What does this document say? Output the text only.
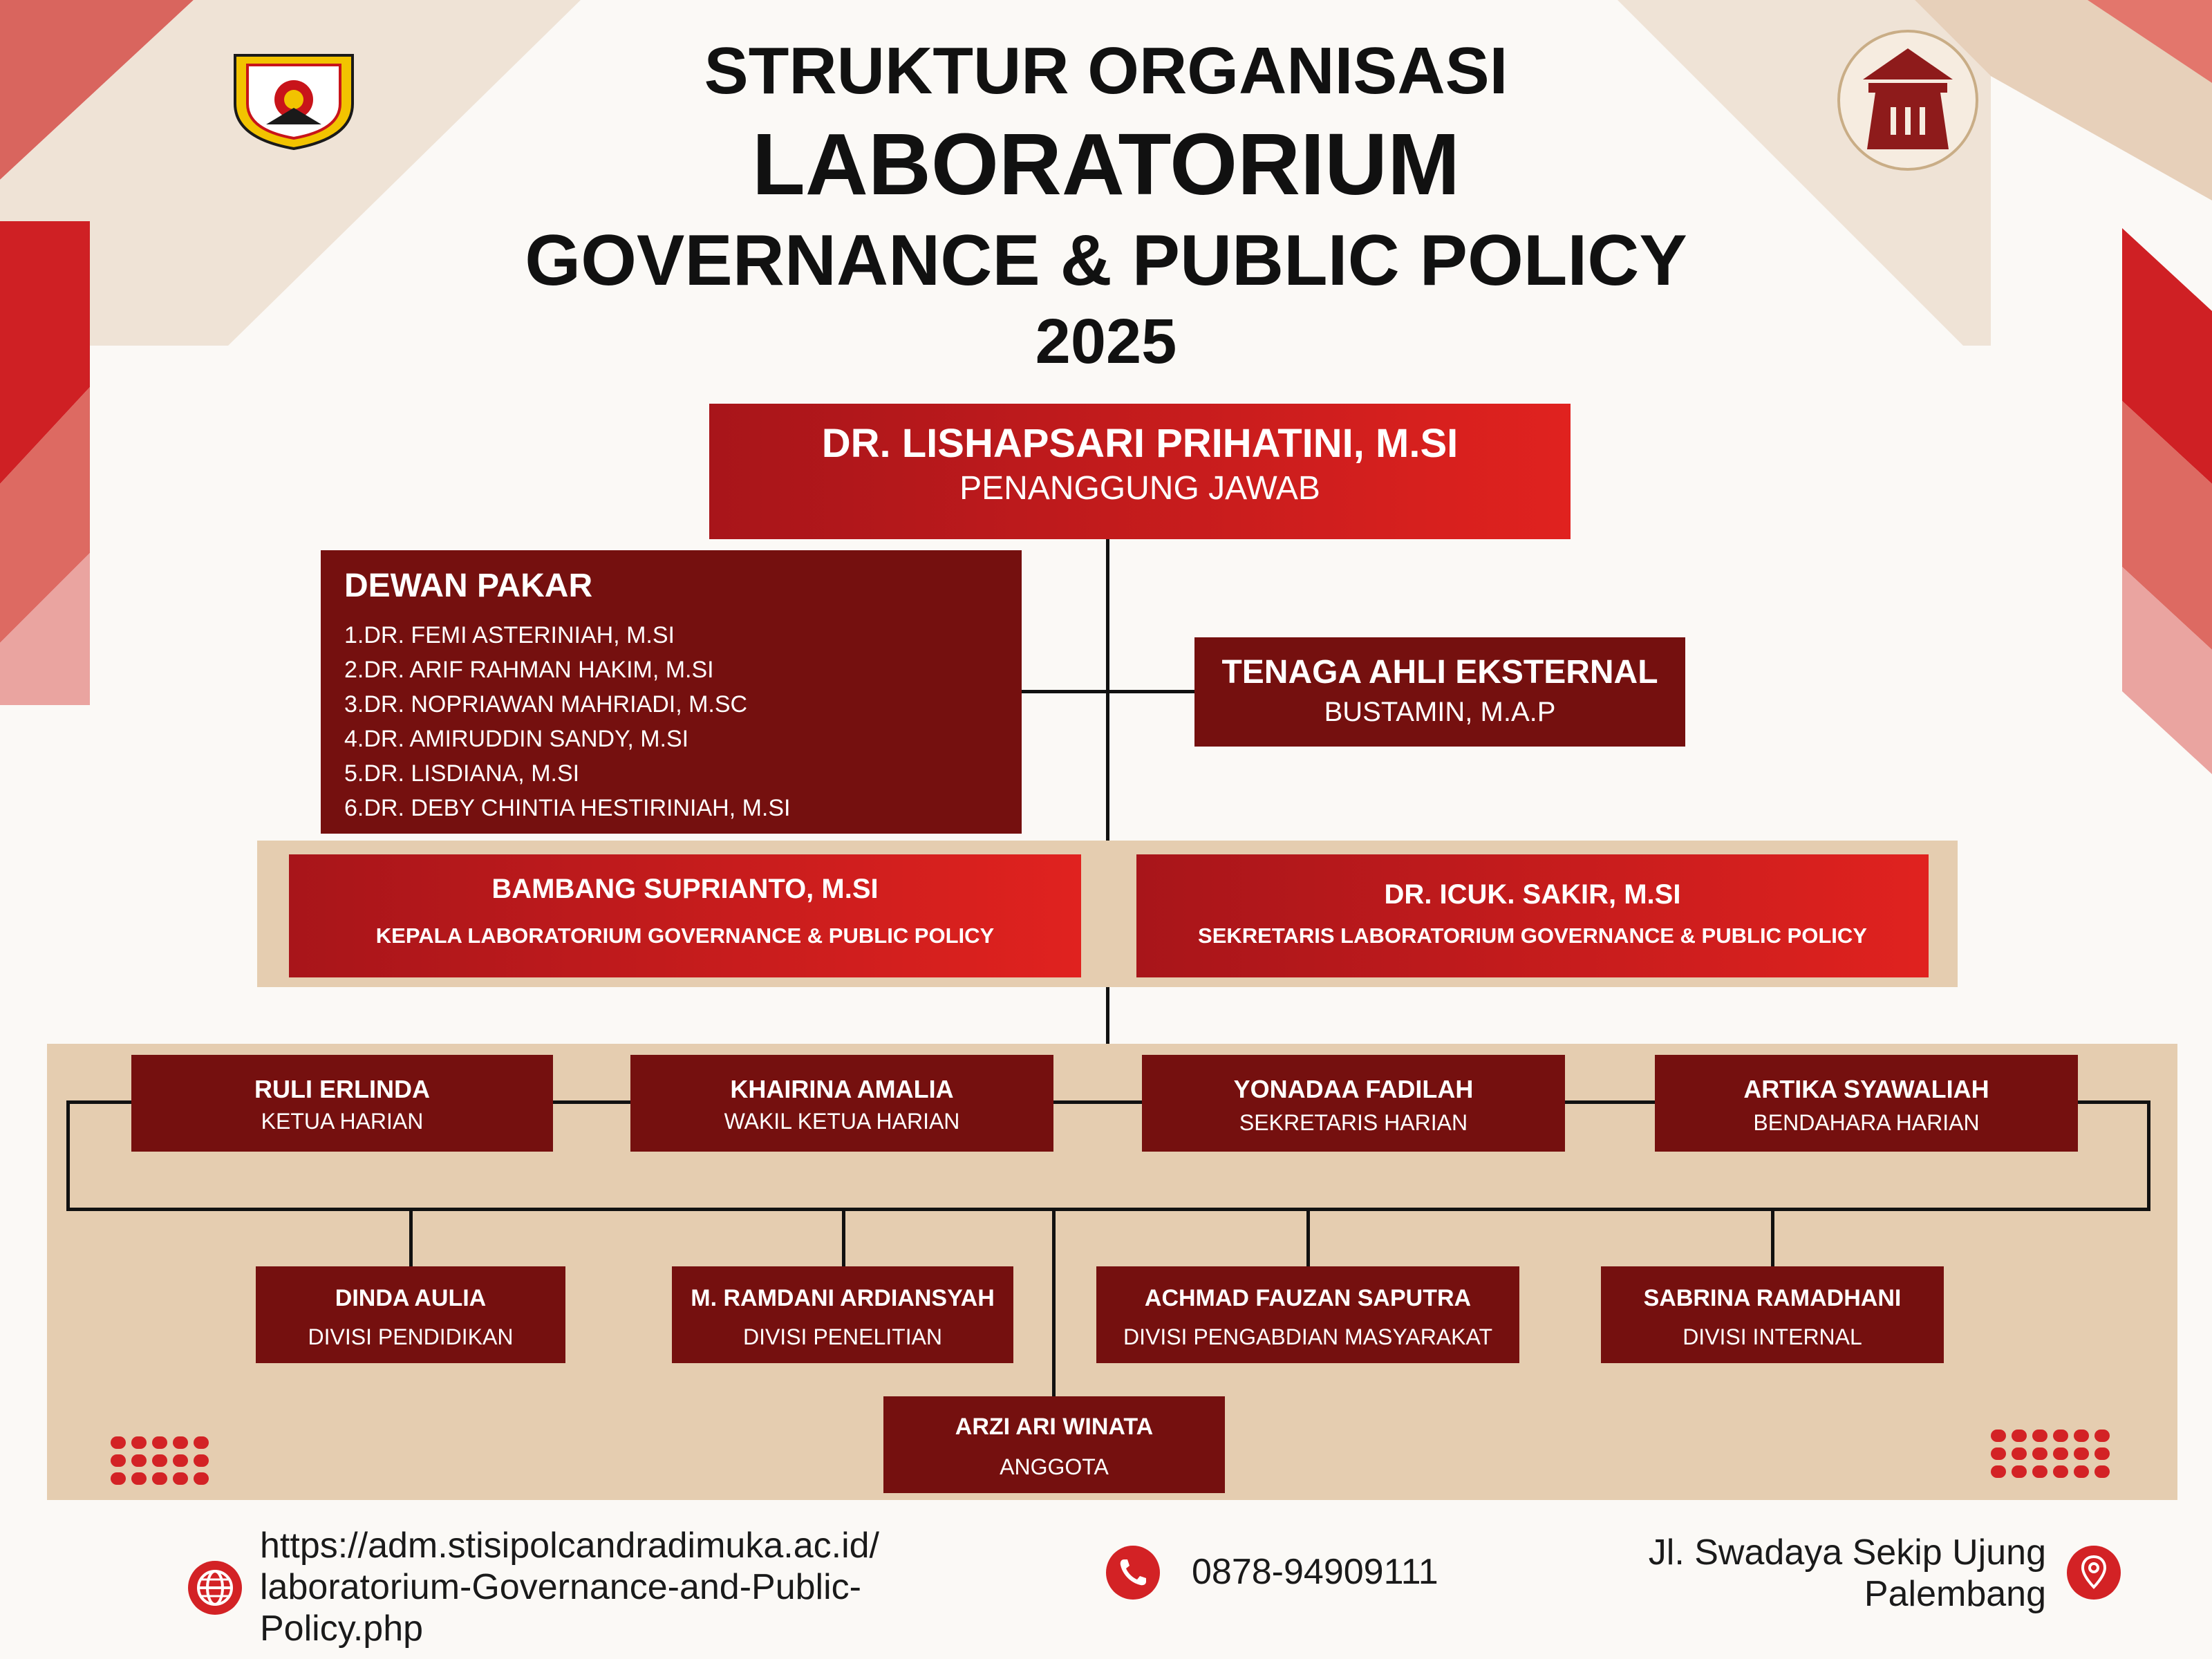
STRUKTUR ORGANISASI
LABORATORIUM
GOVERNANCE & PUBLIC POLICY
2025
DR. LISHAPSARI PRIHATINI, M.SI
PENANGGUNG JAWAB
DEWAN PAKAR
1.DR. FEMI ASTERINIAH, M.SI
2.DR. ARIF RAHMAN HAKIM, M.SI
3.DR. NOPRIAWAN MAHRIADI, M.SC
4.DR. AMIRUDDIN SANDY, M.SI
5.DR. LISDIANA, M.SI
6.DR. DEBY CHINTIA HESTIRINIAH, M.SI
TENAGA AHLI EKSTERNAL
BUSTAMIN, M.A.P
BAMBANG SUPRIANTO, M.SI
KEPALA LABORATORIUM GOVERNANCE & PUBLIC POLICY
DR. ICUK. SAKIR, M.SI
SEKRETARIS LABORATORIUM GOVERNANCE & PUBLIC POLICY
RULI ERLINDA
KETUA HARIAN
KHAIRINA AMALIA
WAKIL KETUA HARIAN
YONADAA FADILAH
SEKRETARIS HARIAN
ARTIKA SYAWALIAH
BENDAHARA HARIAN
DINDA AULIA
DIVISI PENDIDIKAN
M. RAMDANI ARDIANSYAH
DIVISI PENELITIAN
ACHMAD FAUZAN SAPUTRA
DIVISI PENGABDIAN MASYARAKAT
SABRINA RAMADHANI
DIVISI INTERNAL
ARZI ARI WINATA
ANGGOTA
https://adm.stisipolcandradimuka.ac.id/
laboratorium-Governance-and-Public-
Policy.php
0878-94909111	Jl. Swadaya Sekip Ujung
Palembang
